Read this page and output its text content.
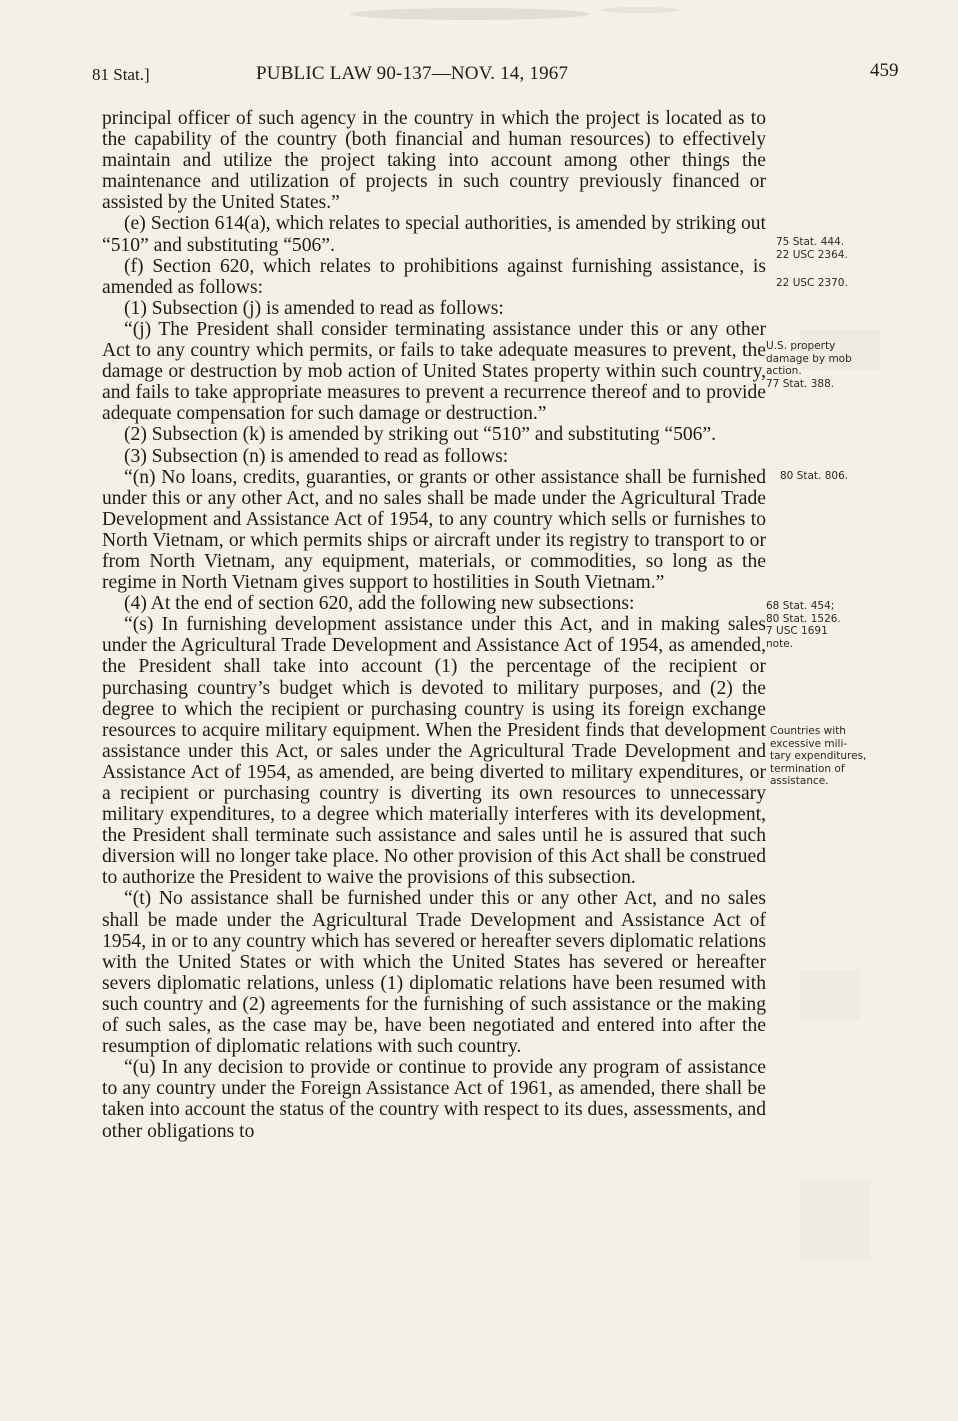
81 Stat.]	PUBLIC LAW 90-137—NOV. 14, 1967	459

principal officer of such agency in the country in which the project is located as to the capability of the country (both financial and human resources) to effectively maintain and utilize the project taking into account among other things the maintenance and utilization of projects in such country previously financed or assisted by the United States.”

(e) Section 614(a), which relates to special authorities, is amended by striking out “510” and substituting “506”.

(f) Section 620, which relates to prohibitions against furnishing assistance, is amended as follows:

(1) Subsection (j) is amended to read as follows:

“(j) The President shall consider terminating assistance under this or any other Act to any country which permits, or fails to take adequate measures to prevent, the damage or destruction by mob action of United States property within such country, and fails to take appropriate measures to prevent a recurrence thereof and to provide adequate compensation for such damage or destruction.”

(2) Subsection (k) is amended by striking out “510” and substituting “506”.

(3) Subsection (n) is amended to read as follows:

“(n) No loans, credits, guaranties, or grants or other assistance shall be furnished under this or any other Act, and no sales shall be made under the Agricultural Trade Development and Assistance Act of 1954, to any country which sells or furnishes to North Vietnam, or which permits ships or aircraft under its registry to transport to or from North Vietnam, any equipment, materials, or commodities, so long as the regime in North Vietnam gives support to hostilities in South Vietnam.”

(4) At the end of section 620, add the following new subsections:

“(s) In furnishing development assistance under this Act, and in making sales under the Agricultural Trade Development and Assistance Act of 1954, as amended, the President shall take into account (1) the percentage of the recipient or purchasing country’s budget which is devoted to military purposes, and (2) the degree to which the recipient or purchasing country is using its foreign exchange resources to acquire military equipment. When the President finds that development assistance under this Act, or sales under the Agricultural Trade Development and Assistance Act of 1954, as amended, are being diverted to military expenditures, or a recipient or purchasing country is diverting its own resources to unnecessary military expenditures, to a degree which materially interferes with its development, the President shall terminate such assistance and sales until he is assured that such diversion will no longer take place. No other provision of this Act shall be construed to authorize the President to waive the provisions of this subsection.

“(t) No assistance shall be furnished under this or any other Act, and no sales shall be made under the Agricultural Trade Development and Assistance Act of 1954, in or to any country which has severed or hereafter severs diplomatic relations with the United States or with which the United States has severed or hereafter severs diplomatic relations, unless (1) diplomatic relations have been resumed with such country and (2) agreements for the furnishing of such assistance or the making of such sales, as the case may be, have been negotiated and entered into after the resumption of diplomatic relations with such country.

“(u) In any decision to provide or continue to provide any program of assistance to any country under the Foreign Assistance Act of 1961, as amended, there shall be taken into account the status of the country with respect to its dues, assessments, and other obligations to

75 Stat. 444.
22 USC 2364.
22 USC 2370.
U.S. property
damage by mob
action.
77 Stat. 388.
80 Stat. 806.
68 Stat. 454;
80 Stat. 1526.
7 USC 1691
note.
Countries with
excessive mili-
tary expenditures,
termination of
assistance.
